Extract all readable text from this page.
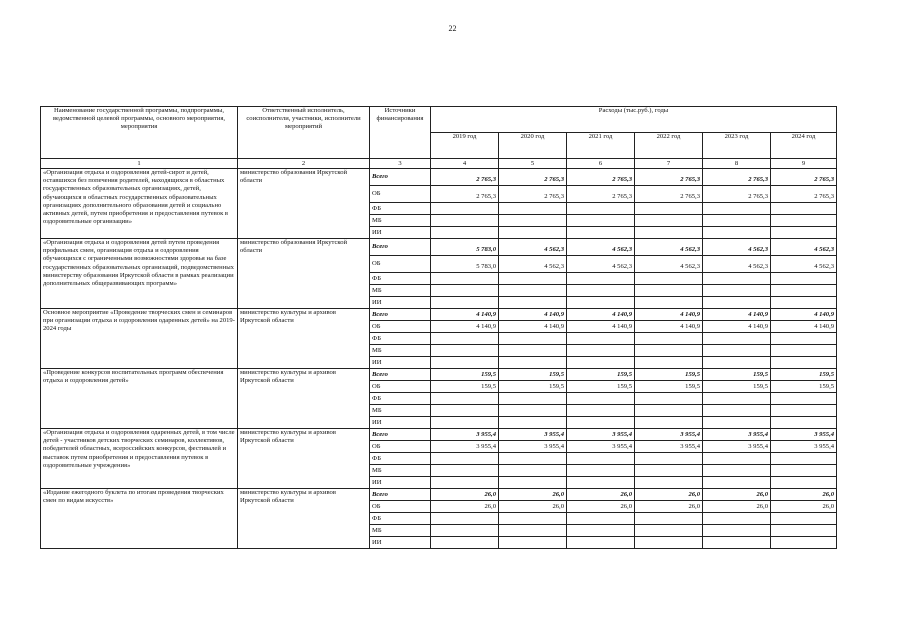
22
Наименование государственной программы, подпрограммы, ведомственной целевой программы, основного мероприятия, мероприятия	Ответственный исполнитель, соисполнители, участники, исполнители мероприятий	Источники финансирования	Расходы (тыс.руб.), годы					
			2019 год	2020 год	2021 год	2022 год	2023 год	2024 год
1	2	3	4	5	6	7	8	9
«Организация отдыха и оздоровления детей-сирот и детей, оставшихся без попечения родителей, находящихся в областных государственных образовательных организациях, детей, обучающихся в областных государственных образовательных организациях дополнительного образования детей и социально активных детей, путем приобретения и предоставления путевок в оздоровительные организации»	министерство образования Иркутской области	Всего	2 765,3	2 765,3	2 765,3	2 765,3	2 765,3	2 765,3
		ОБ	2 765,3	2 765,3	2 765,3	2 765,3	2 765,3	2 765,3
		ФБ						
		МБ						
		ИИ						
«Организация отдыха и оздоровления детей путем проведения профильных смен, организация отдыха и оздоровления обучающихся с ограниченными возможностями здоровья на базе государственных образовательных организаций, подведомственных министерству образования Иркутской области в рамках реализации дополнительных общеразвивающих программ»	министерство образования Иркутской области	Всего	5 783,0	4 562,3	4 562,3	4 562,3	4 562,3	4 562,3
		ОБ	5 783,0	4 562,3	4 562,3	4 562,3	4 562,3	4 562,3
		ФБ						
		МБ						
		ИИ						
Основное мероприятие «Проведение творческих смен и семинаров при организации отдыха и оздоровления одаренных детей» на 2019-2024 годы	министерство культуры и архивов Иркутской области	Всего	4 140,9	4 140,9	4 140,9	4 140,9	4 140,9	4 140,9
		ОБ	4 140,9	4 140,9	4 140,9	4 140,9	4 140,9	4 140,9
		ФБ						
		МБ						
		ИИ						
«Проведение конкурсов воспитательных программ обеспечения отдыха и оздоровления детей»	министерство культуры и архивов Иркутской области	Всего	159,5	159,5	159,5	159,5	159,5	159,5
		ОБ	159,5	159,5	159,5	159,5	159,5	159,5
		ФБ						
		МБ						
		ИИ						
«Организация отдыха и оздоровления одаренных детей, в том числе детей - участников детских творческих семинаров, коллективов, победителей областных, всероссийских конкурсов, фестивалей и выставок путем приобретения и предоставления путевок в оздоровительные учреждения»	министерство культуры и архивов Иркутской области	Всего	3 955,4	3 955,4	3 955,4	3 955,4	3 955,4	3 955,4
		ОБ	3 955,4	3 955,4	3 955,4	3 955,4	3 955,4	3 955,4
		ФБ						
		МБ						
		ИИ						
«Издание ежегодного буклета по итогам проведения творческих смен по видам искусств»	министерство культуры и архивов Иркутской области	Всего	26,0	26,0	26,0	26,0	26,0	26,0
		ОБ	26,0	26,0	26,0	26,0	26,0	26,0
		ФБ						
		МБ						
		ИИ						
